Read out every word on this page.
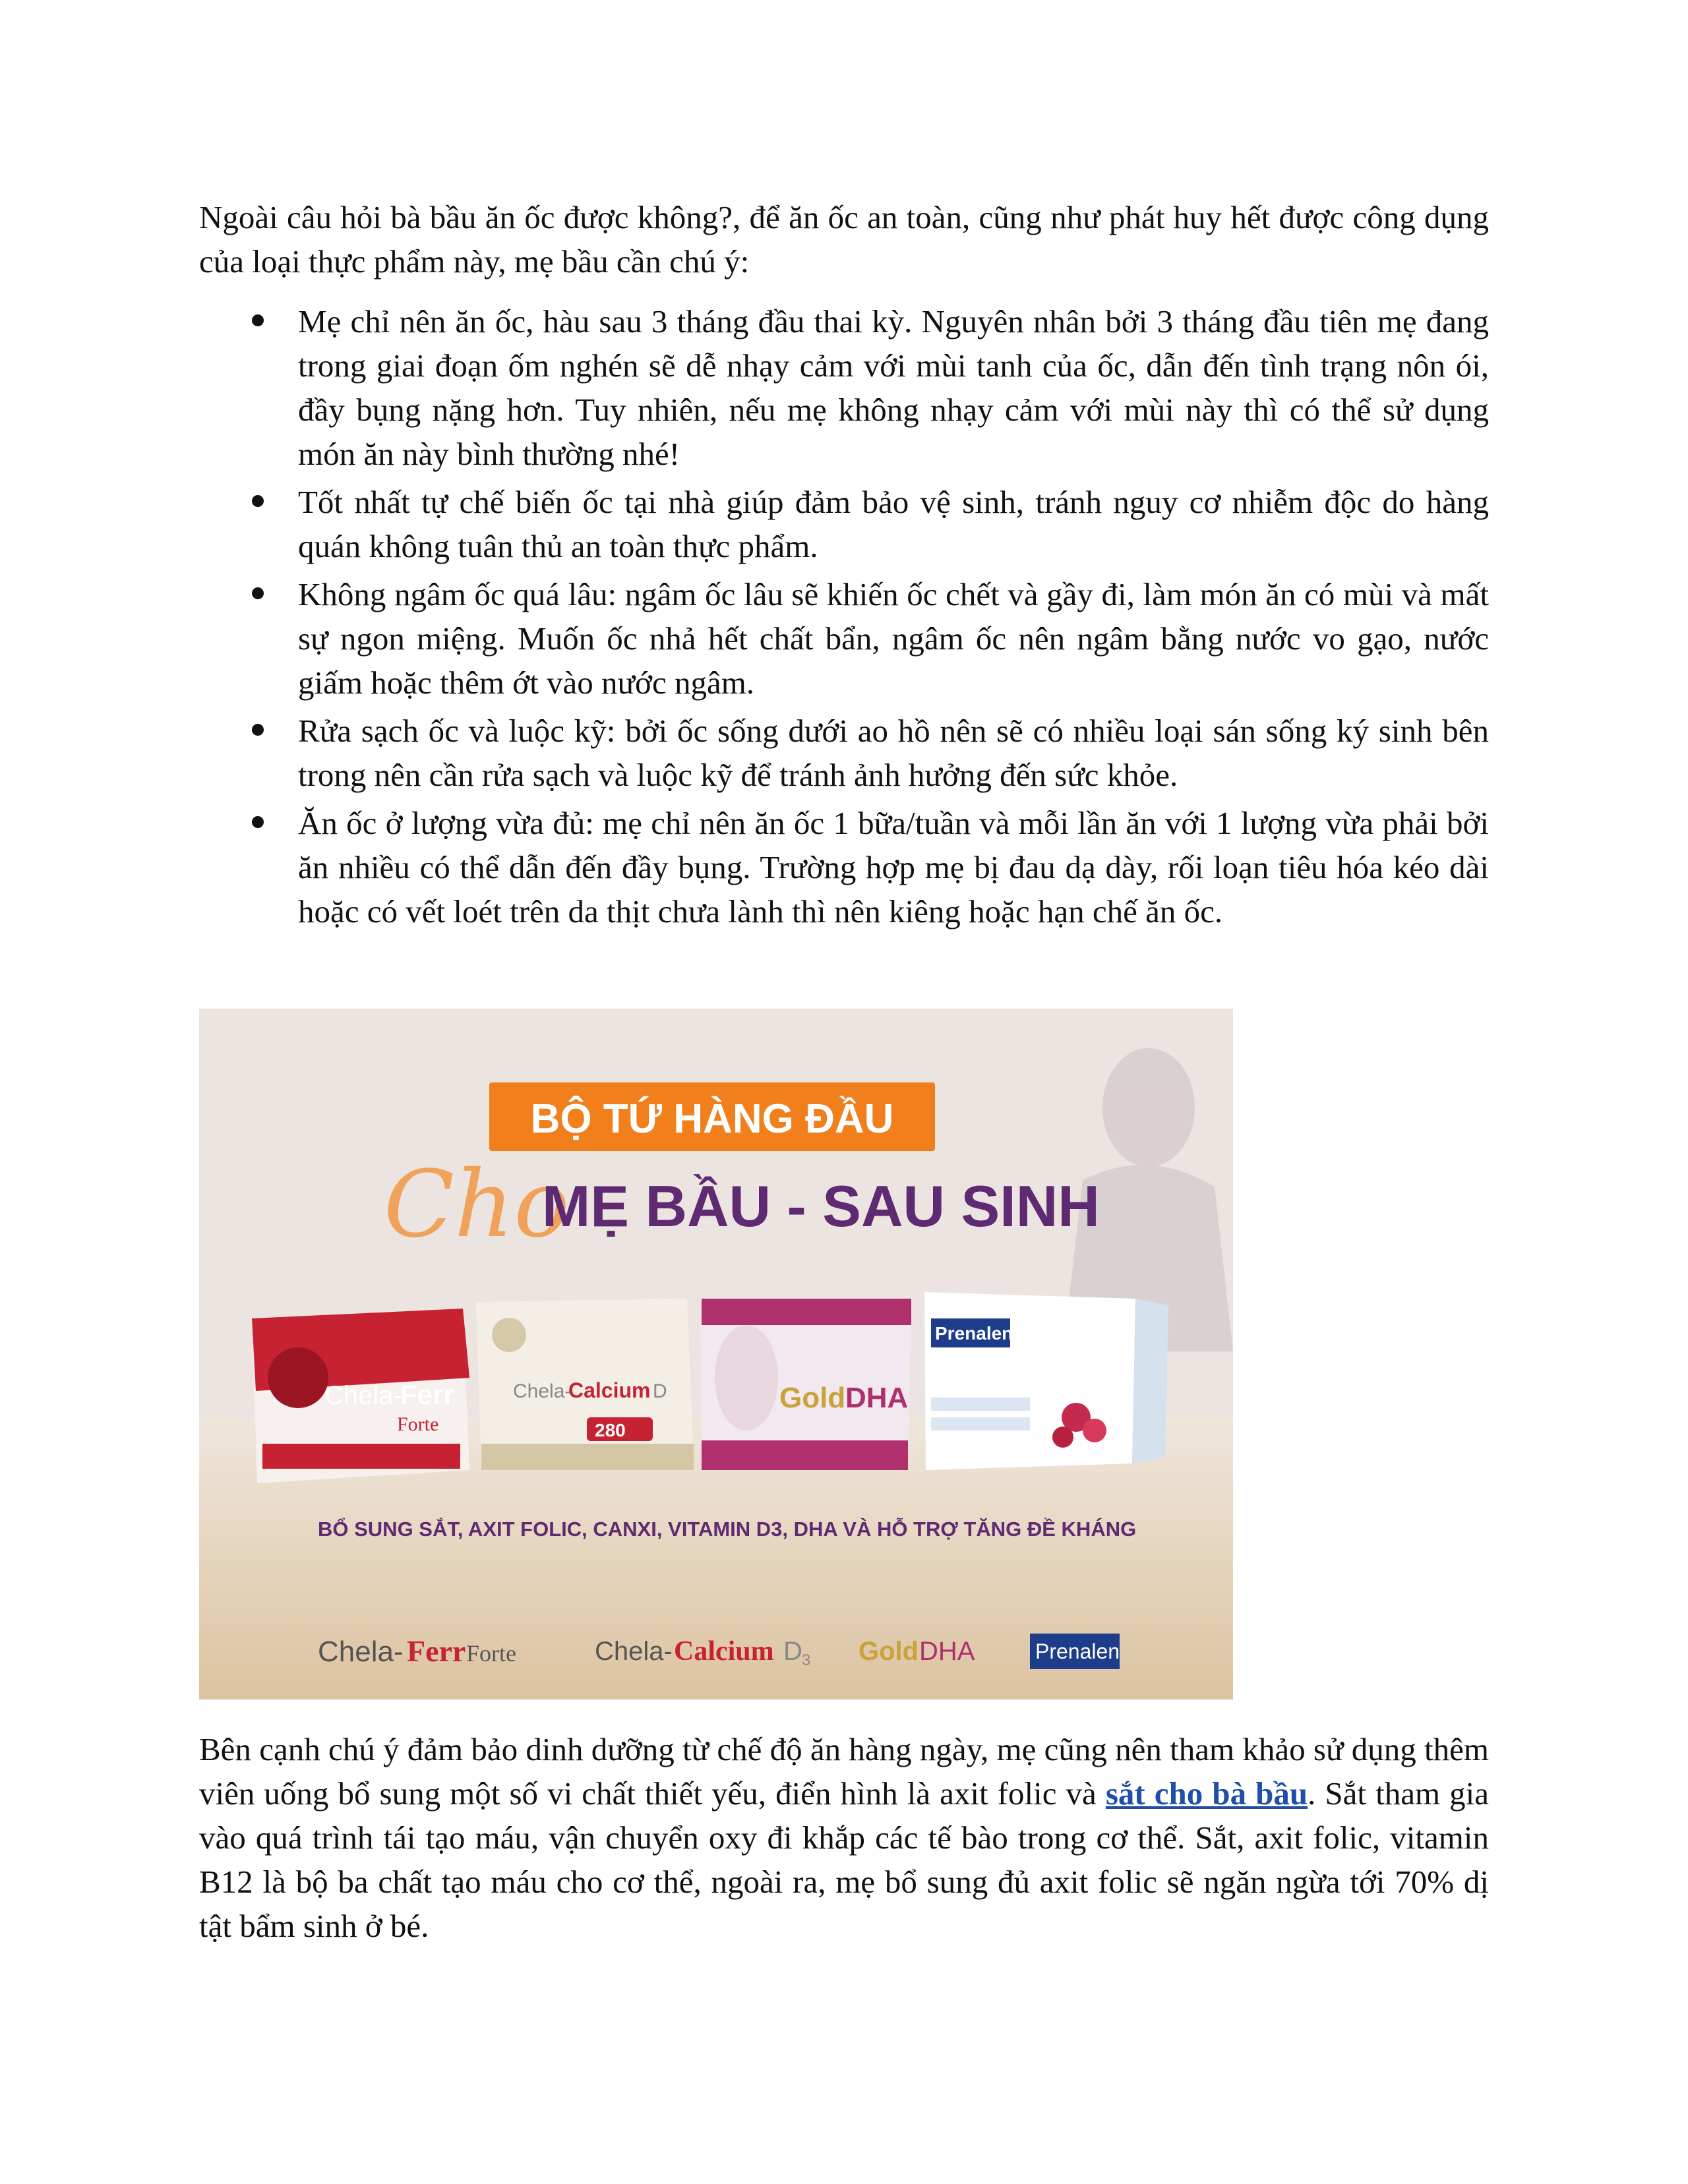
Ngoài câu hỏi bà bầu ăn ốc được không?, để ăn ốc an toàn, cũng như phát huy hết được công dụng của loại thực phẩm này, mẹ bầu cần chú ý:

Mẹ chỉ nên ăn ốc, hàu sau 3 tháng đầu thai kỳ. Nguyên nhân bởi 3 tháng đầu tiên mẹ đang trong giai đoạn ốm nghén sẽ dễ nhạy cảm với mùi tanh của ốc, dẫn đến tình trạng nôn ói, đầy bụng nặng hơn. Tuy nhiên, nếu mẹ không nhạy cảm với mùi này thì có thể sử dụng món ăn này bình thường nhé!
Tốt nhất tự chế biến ốc tại nhà giúp đảm bảo vệ sinh, tránh nguy cơ nhiễm độc do hàng quán không tuân thủ an toàn thực phẩm.
Không ngâm ốc quá lâu: ngâm ốc lâu sẽ khiến ốc chết và gầy đi, làm món ăn có mùi và mất sự ngon miệng. Muốn ốc nhả hết chất bẩn, ngâm ốc nên ngâm bằng nước vo gạo, nước giấm hoặc thêm ớt vào nước ngâm.
Rửa sạch ốc và luộc kỹ: bởi ốc sống dưới ao hồ nên sẽ có nhiều loại sán sống ký sinh bên trong nên cần rửa sạch và luộc kỹ để tránh ảnh hưởng đến sức khỏe.
Ăn ốc ở lượng vừa đủ: mẹ chỉ nên ăn ốc 1 bữa/tuần và mỗi lần ăn với 1 lượng vừa phải bởi ăn nhiều có thể dẫn đến đầy bụng. Trường hợp mẹ bị đau dạ dày, rối loạn tiêu hóa kéo dài hoặc có vết loét trên da thịt chưa lành thì nên kiêng hoặc hạn chế ăn ốc.
BỘ TỨ HÀNG ĐẦU
Cho
MẸ BẦU - SAU SINH
Chela-
Ferr
Forte
Chela-
Calcium D
280
Gold DHA
Prenalen
BỔ SUNG SẮT, AXIT FOLIC, CANXI, VITAMIN D3, DHA VÀ HỖ TRỢ TĂNG ĐỀ KHÁNG
Chela- Ferr Forte	Chela- Calcium D 3 Gold DHA	Prenalen

Bên cạnh chú ý đảm bảo dinh dưỡng từ chế độ ăn hàng ngày, mẹ cũng nên tham khảo sử dụng thêm viên uống bổ sung một số vi chất thiết yếu, điển hình là axit folic và sắt cho bà bầu. Sắt tham gia vào quá trình tái tạo máu, vận chuyển oxy đi khắp các tế bào trong cơ thể. Sắt, axit folic, vitamin B12 là bộ ba chất tạo máu cho cơ thể, ngoài ra, mẹ bổ sung đủ axit folic sẽ ngăn ngừa tới 70% dị tật bẩm sinh ở bé.
